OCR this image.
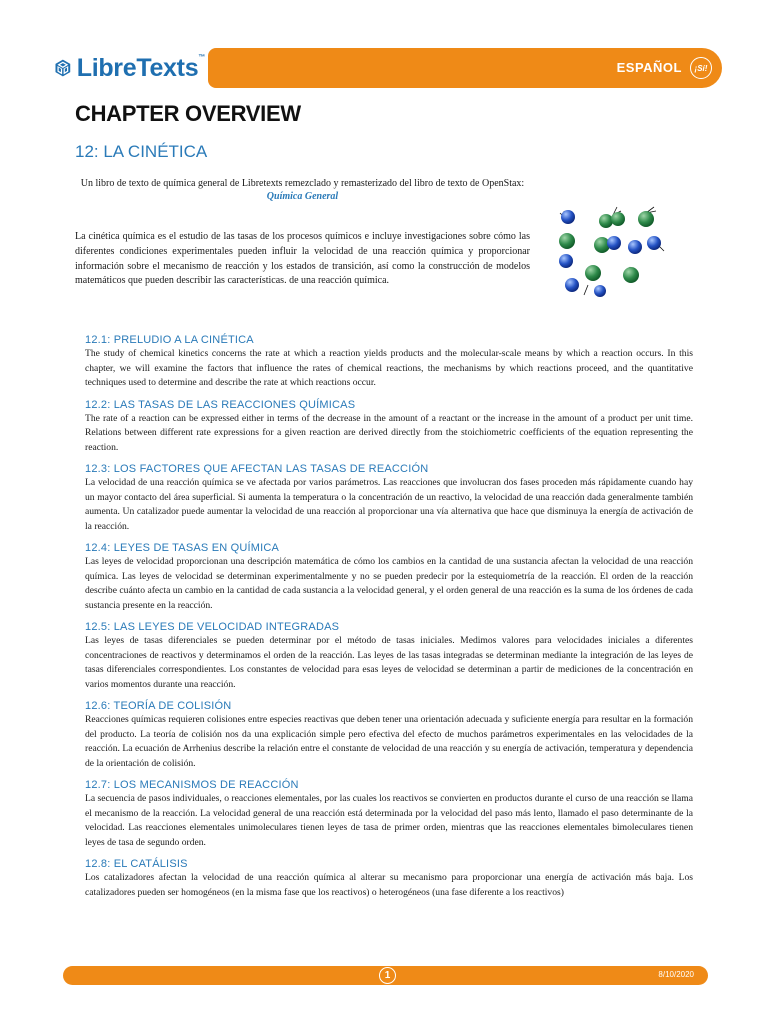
LibreTexts™
ESPAÑOL	¡Sí!
CHAPTER OVERVIEW
12: LA CINÉTICA
Un libro de texto de química general de Libretexts remezclado y remasterizado del libro de texto de OpenStax:
Química General
La cinética química es el estudio de las tasas de los procesos químicos e incluye investigaciones sobre cómo las diferentes condiciones experimentales pueden influir la velocidad de una reacción química y proporcionar información sobre el mecanismo de reacción y los estados de transición, así como la construcción de modelos matemáticos que pueden describir las características. de una reacción química.
12.1: PRELUDIO A LA CINÉTICA
The study of chemical kinetics concerns the rate at which a reaction yields products and the molecular-scale means by which a reaction occurs. In this chapter, we will examine the factors that influence the rates of chemical reactions, the mechanisms by which reactions proceed, and the quantitative techniques used to determine and describe the rate at which reactions occur.
12.2: LAS TASAS DE LAS REACCIONES QUÍMICAS
The rate of a reaction can be expressed either in terms of the decrease in the amount of a reactant or the increase in the amount of a product per unit time. Relations between different rate expressions for a given reaction are derived directly from the stoichiometric coefficients of the equation representing the reaction.
12.3: LOS FACTORES QUE AFECTAN LAS TASAS DE REACCIÓN
La velocidad de una reacción química se ve afectada por varios parámetros. Las reacciones que involucran dos fases proceden más rápidamente cuando hay un mayor contacto del área superficial. Si aumenta la temperatura o la concentración de un reactivo, la velocidad de una reacción dada generalmente también aumenta. Un catalizador puede aumentar la velocidad de una reacción al proporcionar una vía alternativa que hace que disminuya la energía de activación de la reacción.
12.4: LEYES DE TASAS EN QUÍMICA
Las leyes de velocidad proporcionan una descripción matemática de cómo los cambios en la cantidad de una sustancia afectan la velocidad de una reacción química. Las leyes de velocidad se determinan experimentalmente y no se pueden predecir por la estequiometría de la reacción. El orden de la reacción describe cuánto afecta un cambio en la cantidad de cada sustancia a la velocidad general, y el orden general de una reacción es la suma de los órdenes de cada sustancia presente en la reacción.
12.5: LAS LEYES DE VELOCIDAD INTEGRADAS
Las leyes de tasas diferenciales se pueden determinar por el método de tasas iniciales. Medimos valores para velocidades iniciales a diferentes concentraciones de reactivos y determinamos el orden de la reacción. Las leyes de las tasas integradas se determinan mediante la integración de las leyes de tasas diferenciales correspondientes. Los constantes de velocidad para esas leyes de velocidad se determinan a partir de mediciones de la concentración en varios momentos durante una reacción.
12.6: TEORÍA DE COLISIÓN
Reacciones químicas requieren colisiones entre especies reactivas que deben tener una orientación adecuada y suficiente energía para resultar en la formación del producto. La teoría de colisión nos da una explicación simple pero efectiva del efecto de muchos parámetros experimentales en las velocidades de la reacción. La ecuación de Arrhenius describe la relación entre el constante de velocidad de una reacción y su energía de activación, temperatura y dependencia de la orientación de colisión.
12.7: LOS MECANISMOS DE REACCIÓN
La secuencia de pasos individuales, o reacciones elementales, por las cuales los reactivos se convierten en productos durante el curso de una reacción se llama el mecanismo de la reacción. La velocidad general de una reacción está determinada por la velocidad del paso más lento, llamado el paso determinante de la velocidad. Las reacciones elementales unimoleculares tienen leyes de tasa de primer orden, mientras que las reacciones elementales bimoleculares tienen leyes de tasa de segundo orden.
12.8: EL CATÁLISIS
Los catalizadores afectan la velocidad de una reacción química al alterar su mecanismo para proporcionar una energía de activación más baja. Los catalizadores pueden ser homogéneos (en la misma fase que los reactivos) o heterogéneos (una fase diferente a los reactivos)
1	8/10/2020
